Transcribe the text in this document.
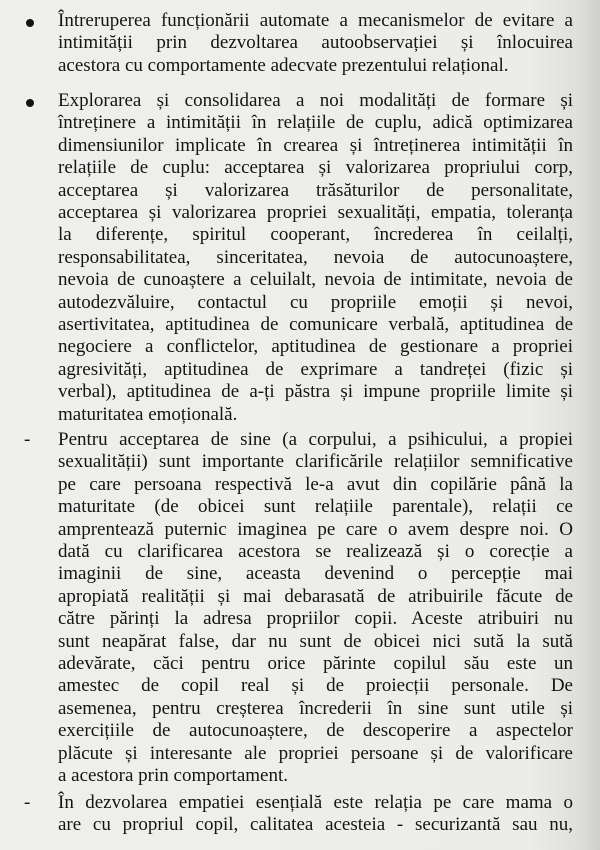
Întreruperea funcționării automate a mecanismelor de evitare a
intimității prin dezvoltarea autoobservației și înlocuirea
acestora cu comportamente adecvate prezentului relațional.
Explorarea și consolidarea a noi modalități de formare și
întreținere a intimității în relațiile de cuplu, adică optimizarea
dimensiunilor implicate în crearea și întreținerea intimității în
relațiile de cuplu: acceptarea și valorizarea propriului corp,
acceptarea și valorizarea trăsăturilor de personalitate,
acceptarea și valorizarea propriei sexualități, empatia, toleranța
la diferențe, spiritul cooperant, încrederea în ceilalți,
responsabilitatea, sinceritatea, nevoia de autocunoaștere,
nevoia de cunoaștere a celuilalt, nevoia de intimitate, nevoia de
autodezvăluire, contactul cu propriile emoții și nevoi,
asertivitatea, aptitudinea de comunicare verbală, aptitudinea de
negociere a conflictelor, aptitudinea de gestionare a propriei
agresivități, aptitudinea de exprimare a tandreței (fizic și
verbal), aptitudinea de a-ți păstra și impune propriile limite și
maturitatea emoțională.
- Pentru acceptarea de sine (a corpului, a psihicului, a propiei
sexualității) sunt importante clarificările relațiilor semnificative
pe care persoana respectivă le-a avut din copilărie până la
maturitate (de obicei sunt relațiile parentale), relații ce
amprentează puternic imaginea pe care o avem despre noi. O
dată cu clarificarea acestora se realizează și o corecție a
imaginii de sine, aceasta devenind o percepție mai
apropiată realității și mai debarasată de atribuirile făcute de
către părinți la adresa propriilor copii. Aceste atribuiri nu
sunt neapărat false, dar nu sunt de obicei nici sută la sută
adevărate, căci pentru orice părinte copilul său este un
amestec de copil real și de proiecții personale. De
asemenea, pentru creșterea încrederii în sine sunt utile și
exercițiile de autocunoaștere, de descoperire a aspectelor
plăcute și interesante ale propriei persoane și de valorificare
a acestora prin comportament.
- În dezvolarea empatiei esențială este relația pe care mama o
are cu propriul copil, calitatea acesteia - securizantă sau nu,
